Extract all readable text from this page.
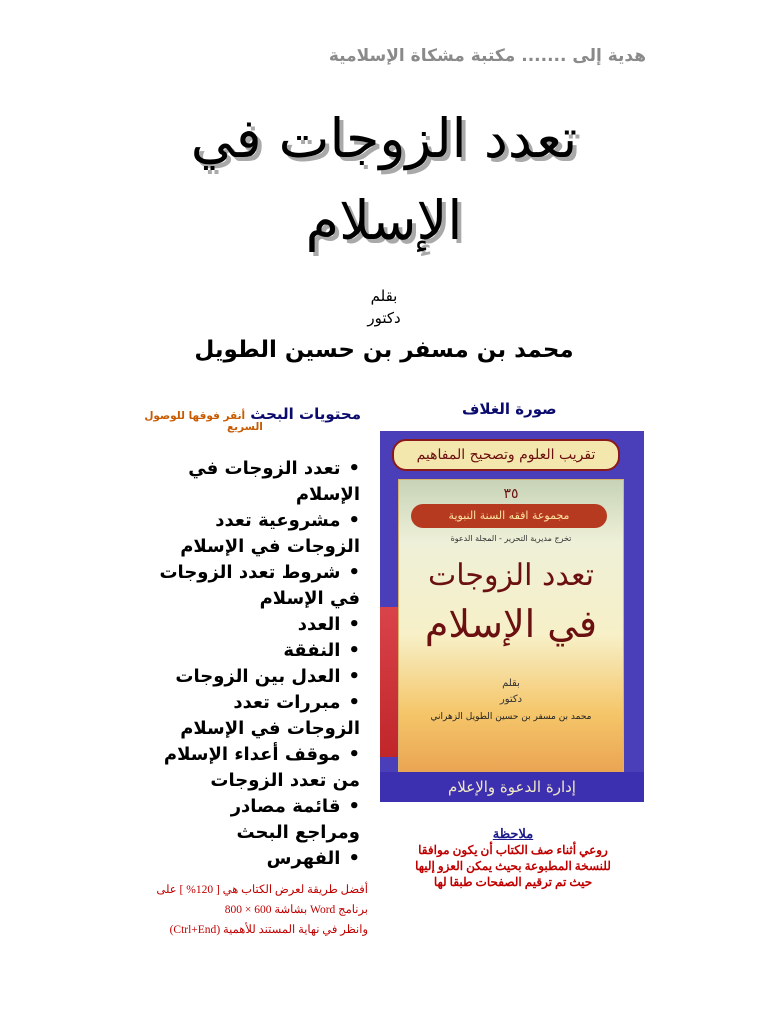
هدية إلى ....... مكتبة مشكاة الإسلامية
تعدد الزوجات في
الإسلام
بقلم
دكتور
محمد بن مسفر بن حسين الطويل
محتويات البحث أنقر فوقها للوصول
السريع
•تعدد الزوجات في
الإسلام
•مشروعية تعدد
الزوجات في الإسلام
•شروط تعدد الزوجات
في الإسلام
•العدد
•النفقة
•العدل بين الزوجات
•مبررات تعدد
الزوجات في الإسلام
•موقف أعداء الإسلام
من تعدد الزوجات
•قائمة مصادر
ومراجع البحث
•الفهرس
أفضل طريقة لعرض الكتاب هي [ 120% ] على
برنامج Word بشاشة 600 × 800
وانظر في نهاية المستند للأهمية (Ctrl+End)
صورة الغلاف
تقريب العلوم وتصحيح المفاهيم
٣٥
مجموعة افقه السنة النبوية
تخرج مديرية التحرير - المجلة الدعوة
تعدد الزوجات
في الإسلام
بقلم
دكتور
محمد بن مسفر بن حسين الطويل الزهراني
إدارة الدعوة والإعلام
ملاحظة
روعي أثناء صف الكتاب أن يكون موافقا
للنسخة المطبوعة بحيث يمكن العزو إليها
حيث تم ترقيم الصفحات طبقا لها
